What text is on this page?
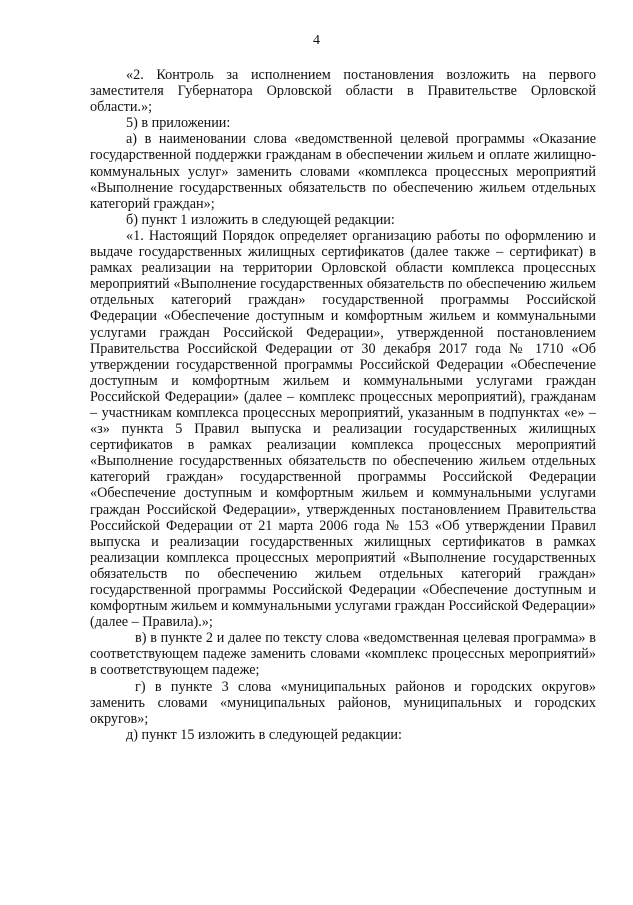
4

«2. Контроль за исполнением постановления возложить на первого заместителя Губернатора Орловской области в Правительстве Орловской области.»;

5) в приложении:

а) в наименовании слова «ведомственной целевой программы «Оказание государственной поддержки гражданам в обеспечении жильем и оплате жилищно-коммунальных услуг» заменить словами «комплекса процессных мероприятий «Выполнение государственных обязательств по обеспечению жильем отдельных категорий граждан»;

б) пункт 1 изложить в следующей редакции:

«1. Настоящий Порядок определяет организацию работы по оформлению и выдаче государственных жилищных сертификатов (далее также – сертификат) в рамках реализации на территории Орловской области комплекса процессных мероприятий «Выполнение государственных обязательств по обеспечению жильем отдельных категорий граждан» государственной программы Российской Федерации «Обеспечение доступным и комфортным жильем и коммунальными услугами граждан Российской Федерации», утвержденной постановлением Правительства Российской Федерации от 30 декабря 2017 года № 1710 «Об утверждении государственной программы Российской Федерации «Обеспечение доступным и комфортным жильем и коммунальными услугами граждан Российской Федерации» (далее – комплекс процессных мероприятий), гражданам – участникам комплекса процессных мероприятий, указанным в подпунктах «е» – «з» пункта 5 Правил выпуска и реализации государственных жилищных сертификатов в рамках реализации комплекса процессных мероприятий «Выполнение государственных обязательств по обеспечению жильем отдельных категорий граждан» государственной программы Российской Федерации «Обеспечение доступным и комфортным жильем и коммунальными услугами граждан Российской Федерации», утвержденных постановлением Правительства Российской Федерации от 21 марта 2006 года № 153 «Об утверждении Правил выпуска и реализации государственных жилищных сертификатов в рамках реализации комплекса процессных мероприятий «Выполнение государственных обязательств по обеспечению жильем отдельных категорий граждан» государственной программы Российской Федерации «Обеспечение доступным и комфортным жильем и коммунальными услугами граждан Российской Федерации» (далее – Правила).»;

в) в пункте 2 и далее по тексту слова «ведомственная целевая программа» в соответствующем падеже заменить словами «комплекс процессных мероприятий» в соответствующем падеже;

г) в пункте 3 слова «муниципальных районов и городских округов» заменить словами «муниципальных районов, муниципальных и городских округов»;

д) пункт 15 изложить в следующей редакции:
